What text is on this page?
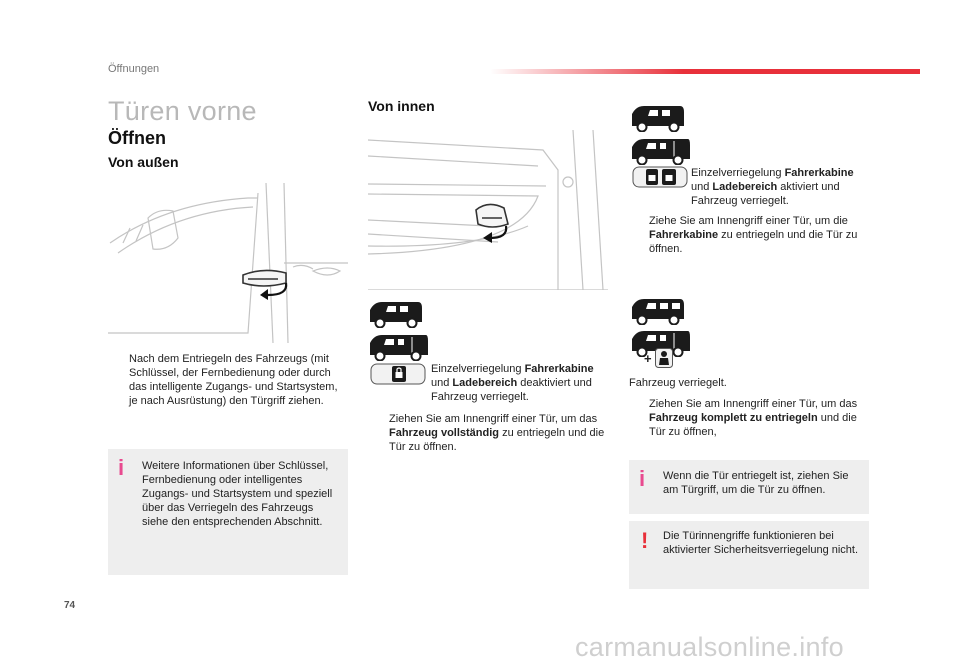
Öffnungen
Türen vorne
Öffnen
Von außen
Von innen
+
Nach dem Entriegeln des Fahrzeugs (mit Schlüssel, der Fernbedienung oder durch das intelligente Zugangs- und Startsystem, je nach Ausrüstung) den Türgriff ziehen.
i Weitere Informationen über Schlüssel, Fernbedienung oder intelligentes Zugangs- und Startsystem und speziell über das Verriegeln des Fahrzeugs siehe den entsprechenden Abschnitt.
Einzelverriegelung Fahrerkabine und Ladebereich deaktiviert und Fahrzeug verriegelt.
Ziehen Sie am Innengriff einer Tür, um das Fahrzeug vollständig zu entriegeln und die Tür zu öffnen.
Einzelverriegelung Fahrerkabine und Ladebereich aktiviert und Fahrzeug verriegelt.
Ziehe Sie am Innengriff einer Tür, um die Fahrerkabine zu entriegeln und die Tür zu öffnen.
Fahrzeug verriegelt.
Ziehen Sie am Innengriff einer Tür, um das Fahrzeug komplett zu entriegeln und die Tür zu öffnen,
i Wenn die Tür entriegelt ist, ziehen Sie am Türgriff, um die Tür zu öffnen.
! Die Türinnengriffe funktionieren bei aktivierter Sicherheitsverriegelung nicht.
74
carmanualsonline.info
